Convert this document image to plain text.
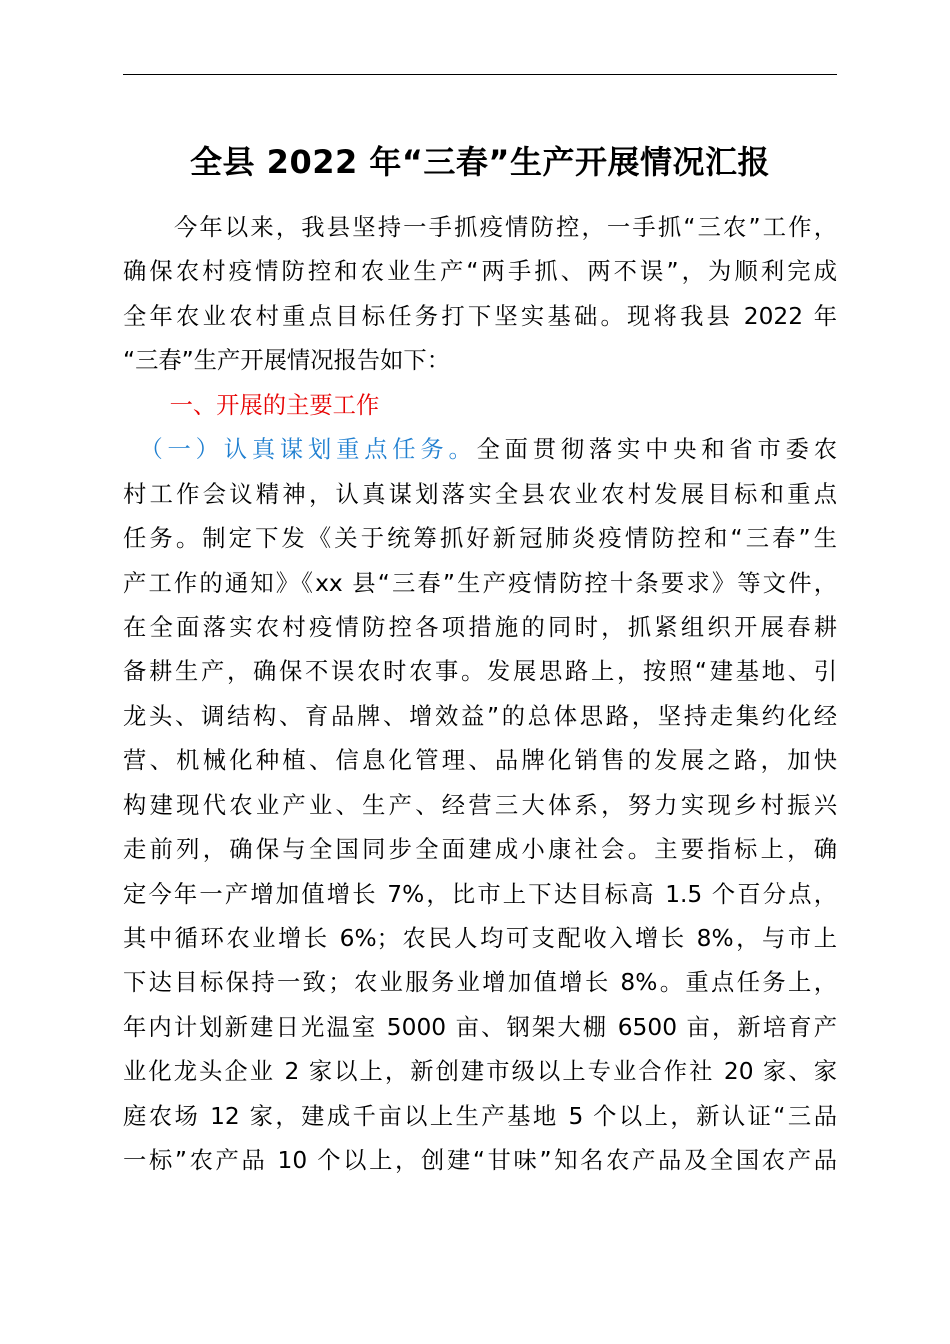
全县 2022 年“三春”生产开展情况汇报
　　今年以来，我县坚持一手抓疫情防控，一手抓“三农”工作，
确保农村疫情防控和农业生产“两手抓、两不误”，为顺利完成
全年农业农村重点目标任务打下坚实基础。现将我县 2022 年
“三春”生产开展情况报告如下：
　　一、开展的主要工作
　（一）认真谋划重点任务。全面贯彻落实中央和省市委农
村工作会议精神，认真谋划落实全县农业农村发展目标和重点
任务。制定下发《关于统筹抓好新冠肺炎疫情防控和“三春”生
产工作的通知》《xx 县“三春”生产疫情防控十条要求》等文件，
在全面落实农村疫情防控各项措施的同时，抓紧组织开展春耕
备耕生产，确保不误农时农事。发展思路上，按照“建基地、引
龙头、调结构、育品牌、增效益”的总体思路，坚持走集约化经
营、机械化种植、信息化管理、品牌化销售的发展之路，加快
构建现代农业产业、生产、经营三大体系，努力实现乡村振兴
走前列，确保与全国同步全面建成小康社会。主要指标上，确
定今年一产增加值增长 7%，比市上下达目标高 1.5 个百分点，
其中循环农业增长 6%；农民人均可支配收入增长 8%，与市上
下达目标保持一致；农业服务业增加值增长 8%。重点任务上，
年内计划新建日光温室 5000 亩、钢架大棚 6500 亩，新培育产
业化龙头企业 2 家以上，新创建市级以上专业合作社 20 家、家
庭农场 12 家，建成千亩以上生产基地 5 个以上，新认证“三品
一标”农产品 10 个以上，创建“甘味”知名农产品及全国农产品
